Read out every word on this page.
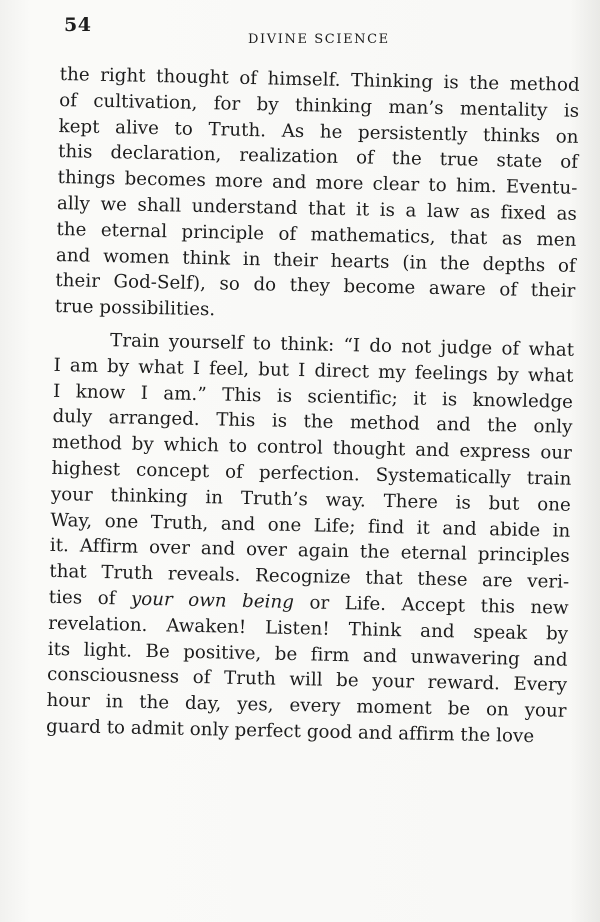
54
DIVINE SCIENCE
the right thought of himself. Thinking is the method
of cultivation, for by thinking man’s mentality is
kept alive to Truth. As he persistently thinks on
this declaration, realization of the true state of
things becomes more and more clear to him. Eventu-
ally we shall understand that it is a law as fixed as
the eternal principle of mathematics, that as men
and women think in their hearts (in the depths of
their God-Self), so do they become aware of their
true possibilities.
Train yourself to think: “I do not judge of what
I am by what I feel, but I direct my feelings by what
I know I am.” This is scientific; it is knowledge
duly arranged. This is the method and the only
method by which to control thought and express our
highest concept of perfection. Systematically train
your thinking in Truth’s way. There is but one
Way, one Truth, and one Life; find it and abide in
it. Affirm over and over again the eternal principles
that Truth reveals. Recognize that these are veri-
ties of your own being or Life. Accept this new
revelation. Awaken! Listen! Think and speak by
its light. Be positive, be firm and unwavering and
consciousness of Truth will be your reward. Every
hour in the day, yes, every moment be on your
guard to admit only perfect good and affirm the love
